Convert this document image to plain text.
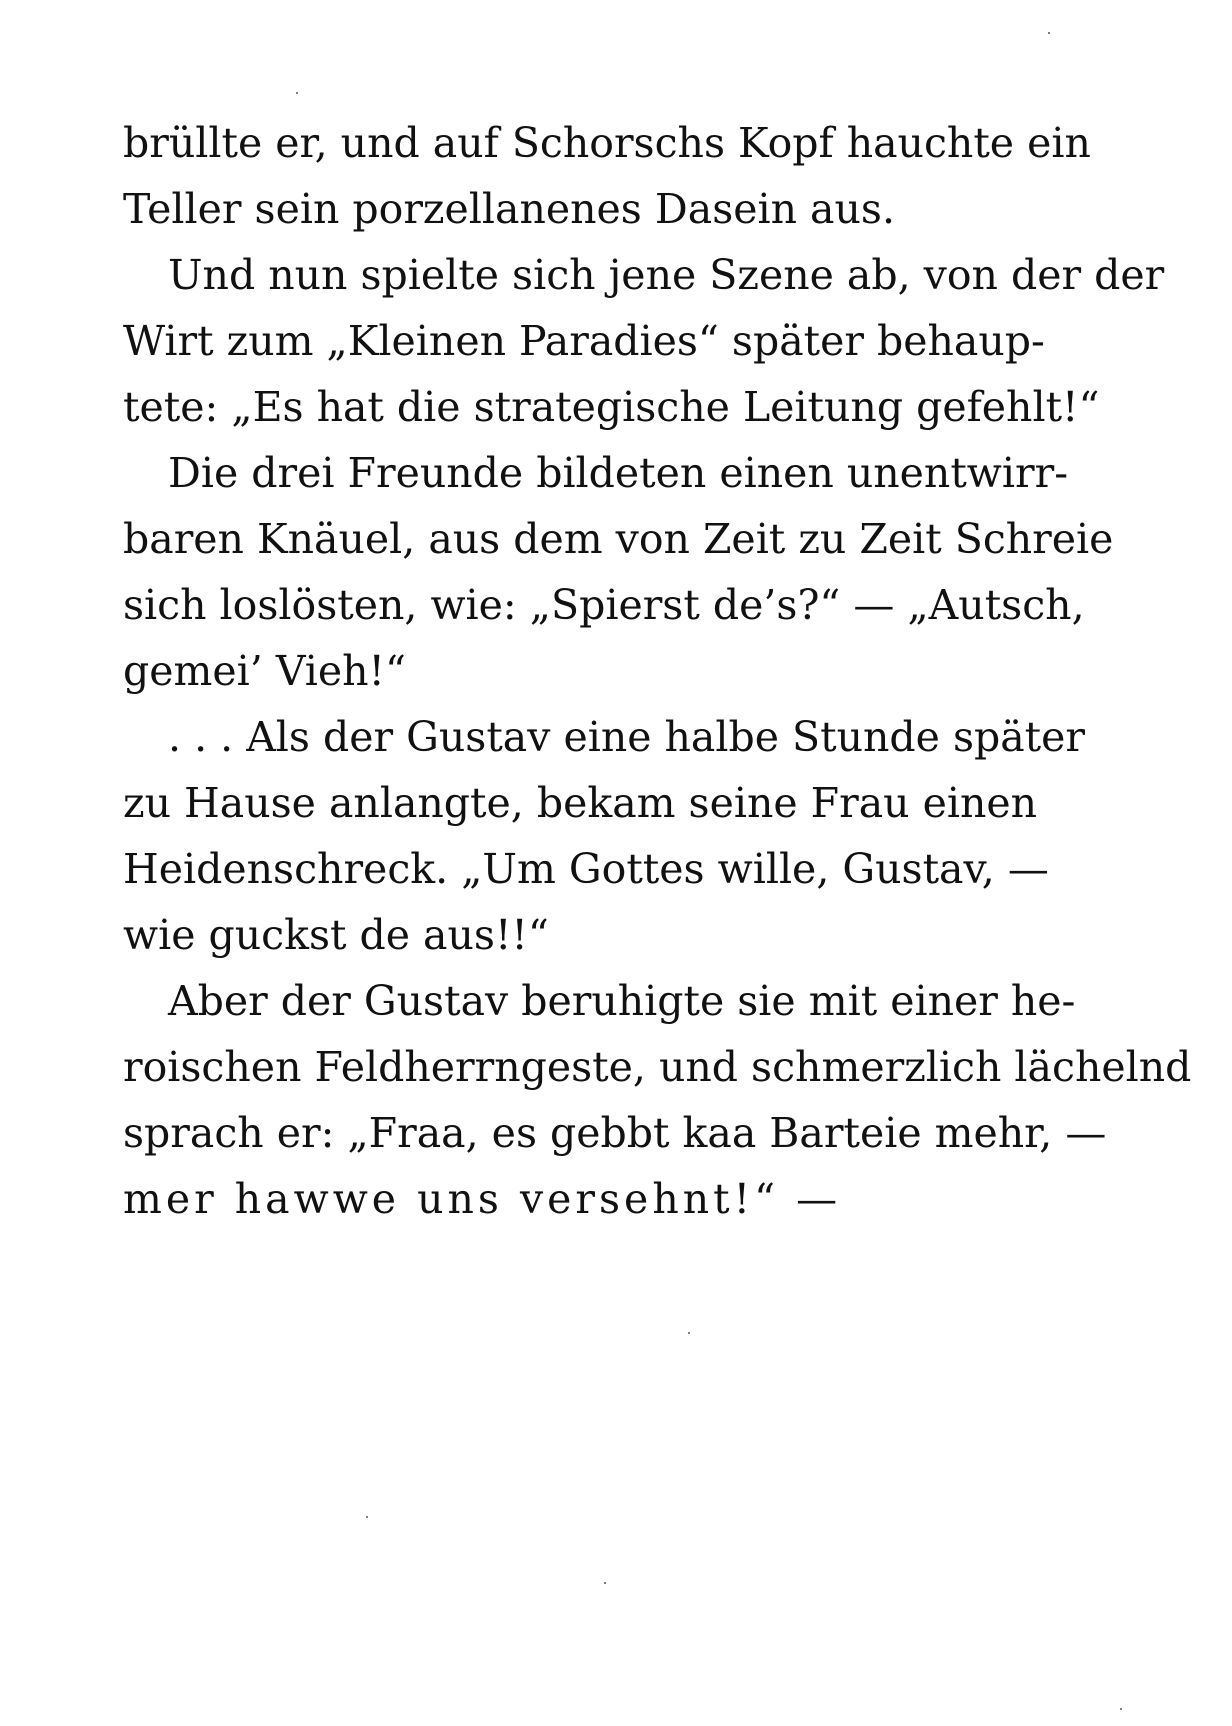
brüllte er, und auf Schorschs Kopf hauchte ein
Teller sein porzellanenes Dasein aus.
Und nun spielte sich jene Szene ab, von der der
Wirt zum „Kleinen Paradies“ später behaup-
tete: „Es hat die strategische Leitung gefehlt!“
Die drei Freunde bildeten einen unentwirr-
baren Knäuel, aus dem von Zeit zu Zeit Schreie
sich loslösten, wie: „Spierst de’s?“ — „Autsch,
gemei’ Vieh!“
. . . Als der Gustav eine halbe Stunde später
zu Hause anlangte, bekam seine Frau einen
Heidenschreck. „Um Gottes wille, Gustav, —
wie guckst de aus!!“
Aber der Gustav beruhigte sie mit einer he-
roischen Feldherrngeste, und schmerzlich lächelnd
sprach er: „Fraa, es gebbt kaa Barteie mehr, —
mer hawwe uns versehnt!“ —
